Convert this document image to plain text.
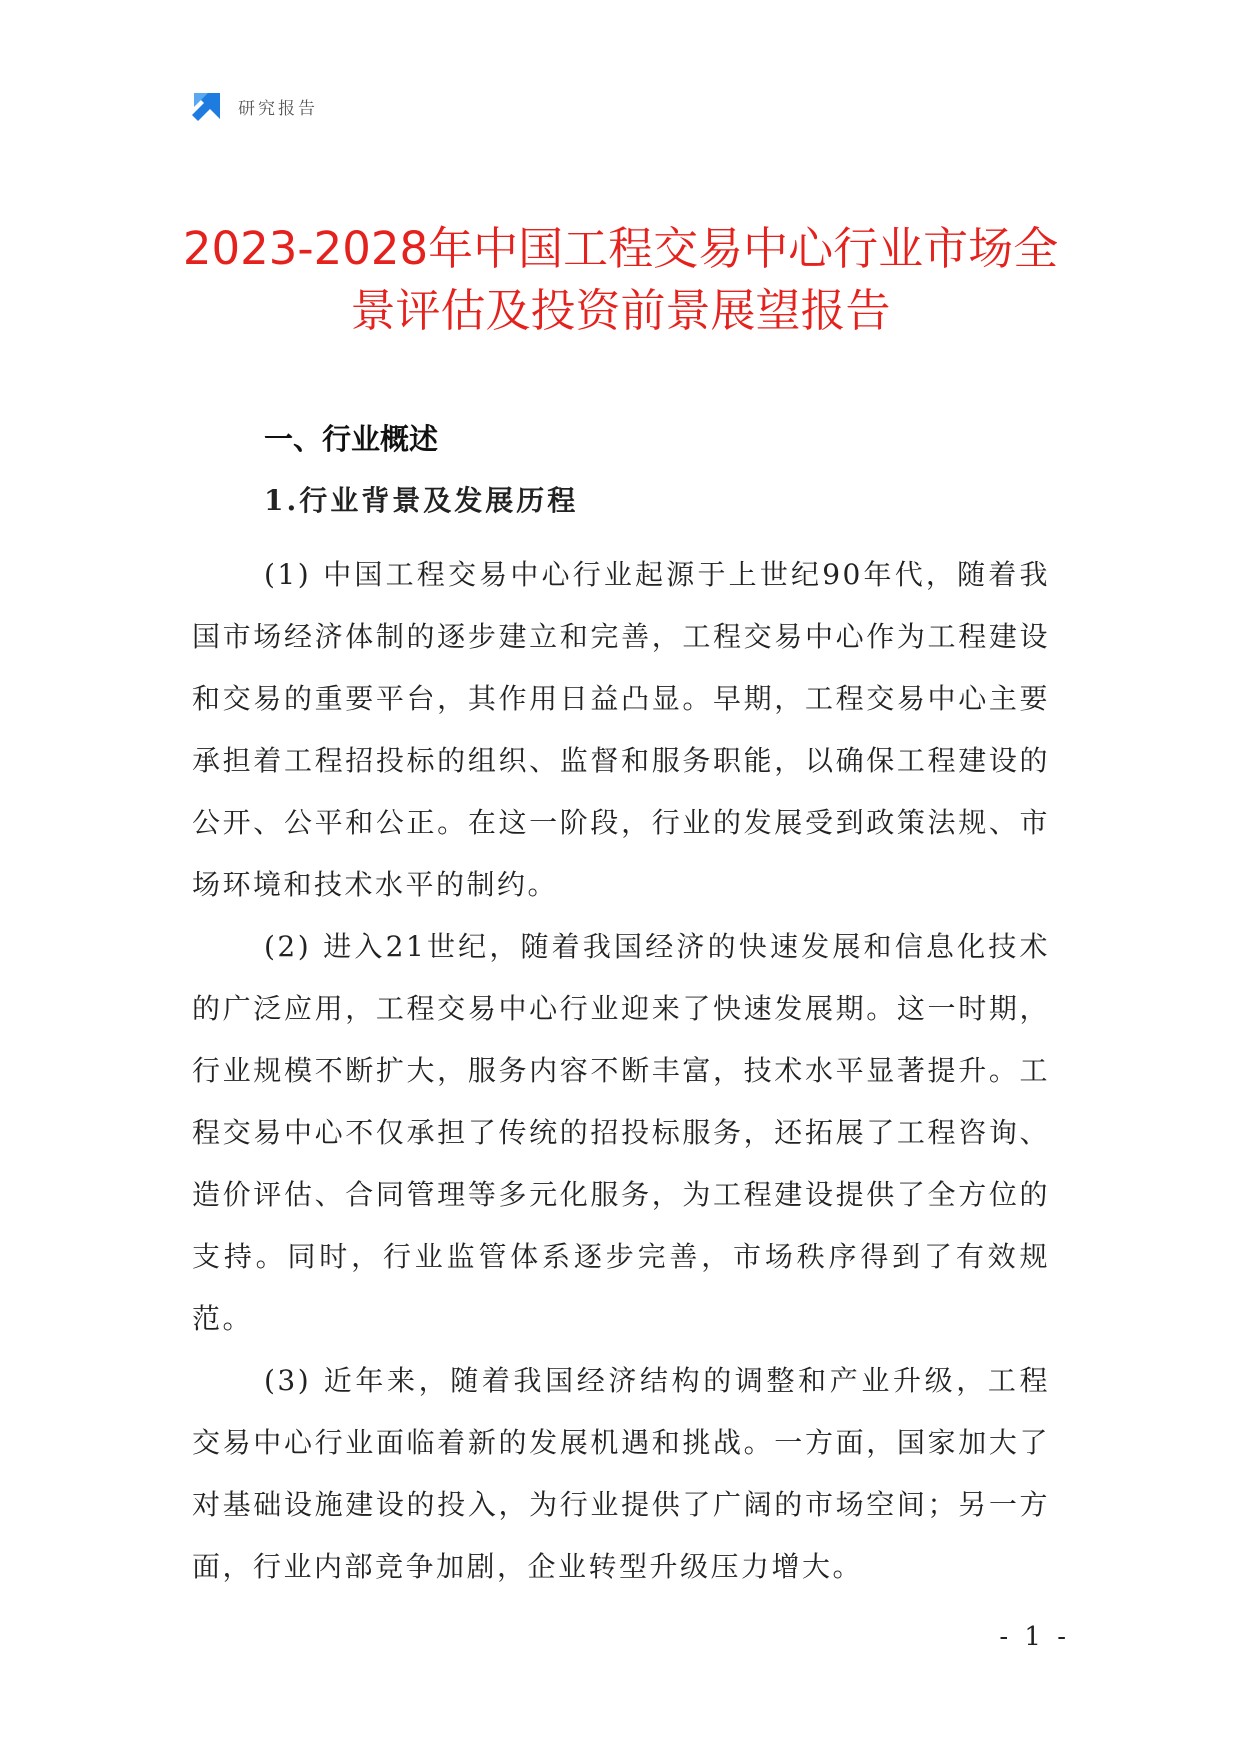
研究报告
2023-2028年中国工程交易中心行业市场全
景评估及投资前景展望报告
一、行业概述
1.行业背景及发展历程

(1) 中国工程交易中心行业起源于上世纪90年代，随着我国市场经济体制的逐步建立和完善，工程交易中心作为工程建设和交易的重要平台，其作用日益凸显。早期，工程交易中心主要承担着工程招投标的组织、监督和服务职能，以确保工程建设的公开、公平和公正。在这一阶段，行业的发展受到政策法规、市场环境和技术水平的制约。

(2) 进入21世纪，随着我国经济的快速发展和信息化技术的广泛应用，工程交易中心行业迎来了快速发展期。这一时期，行业规模不断扩大，服务内容不断丰富，技术水平显著提升。工程交易中心不仅承担了传统的招投标服务，还拓展了工程咨询、造价评估、合同管理等多元化服务，为工程建设提供了全方位的支持。同时，行业监管体系逐步完善，市场秩序得到了有效规范。

(3) 近年来，随着我国经济结构的调整和产业升级，工程交易中心行业面临着新的发展机遇和挑战。一方面，国家加大了对基础设施建设的投入，为行业提供了广阔的市场空间；另一方面，行业内部竞争加剧，企业转型升级压力增大。

- 1 -
